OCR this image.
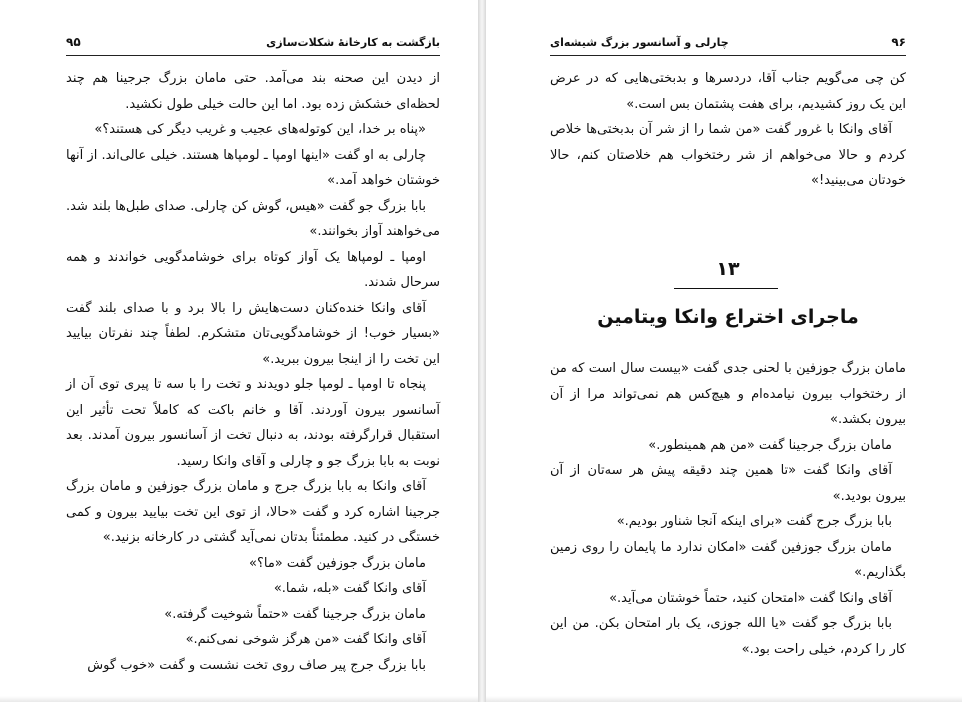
بازگشت به کارخانهٔ شکلات‌سازی
۹۵

از دیدن این صحنه بند می‌آمد. حتی مامان بزرگ جرجینا هم چند لحظه‌ای خشکش زده بود. اما این حالت خیلی طول نکشید.

«پناه بر خدا، این کوتوله‌های عجیب و غریب دیگر کی هستند؟»

چارلی به او گفت «اینها اومپا ـ لومپاها هستند. خیلی عالی‌اند. از آنها خوشتان خواهد آمد.»

بابا بزرگ جو گفت «هیس، گوش کن چارلی. صدای طبل‌ها بلند شد. می‌خواهند آواز بخوانند.»

اومپا ـ لومپاها یک آواز کوتاه برای خوشامدگویی خواندند و همه سرحال شدند.

آقای وانکا خنده‌کنان دست‌هایش را بالا برد و با صدای بلند گفت «بسیار خوب! از خوشامدگویی‌تان متشکرم. لطفاً چند نفرتان بیایید این تخت را از اینجا بیرون ببرید.»

پنجاه تا اومپا ـ لومپا جلو دویدند و تخت را با سه تا پیری توی آن از آسانسور بیرون آوردند. آقا و خانم باکت که کاملاً تحت تأثیر این استقبال قرارگرفته بودند، به دنبال تخت از آسانسور بیرون آمدند. بعد نوبت به بابا بزرگ جو و چارلی و آقای وانکا رسید.

آقای وانکا به بابا بزرگ جرج و مامان بزرگ جوزفین و مامان بزرگ جرجینا اشاره کرد و گفت «حالا، از توی این تخت بیایید بیرون و کمی خستگی در کنید. مطمئناً بدتان نمی‌آید گشتی در کارخانه بزنید.»

مامان بزرگ جوزفین گفت «ما؟»

آقای وانکا گفت «بله، شما.»

مامان بزرگ جرجینا گفت «حتماً شوخیت گرفته.»

آقای وانکا گفت «من هرگز شوخی نمی‌کنم.»

بابا بزرگ جرج پیر صاف روی تخت نشست و گفت «خوب گوش

۹۶
چارلی و آسانسور بزرگ شیشه‌ای

کن چی می‌گویم جناب آقا، دردسرها و بدبختی‌هایی که در عرض این یک روز کشیدیم، برای هفت پشتمان بس است.»

آقای وانکا با غرور گفت «من شما را از شر آن بدبختی‌ها خلاص کردم و حالا می‌خواهم از شر رختخواب هم خلاصتان کنم، حالا خودتان می‌بینید!»

۱۳
ماجرای اختراع وانکا ویتامین

مامان بزرگ جوزفین با لحنی جدی گفت «بیست سال است که من از رختخواب بیرون نیامده‌ام و هیچ‌کس هم نمی‌تواند مرا از آن بیرون بکشد.»

مامان بزرگ جرجینا گفت «من هم همینطور.»

آقای وانکا گفت «تا همین چند دقیقه پیش هر سه‌تان از آن بیرون بودید.»

بابا بزرگ جرج گفت «برای اینکه آنجا شناور بودیم.»

مامان بزرگ جوزفین گفت «امکان ندارد ما پایمان را روی زمین بگذاریم.»

آقای وانکا گفت «امتحان کنید، حتماً خوشتان می‌آید.»

بابا بزرگ جو گفت «یا الله جوزی، یک بار امتحان بکن. من این کار را کردم، خیلی راحت بود.»
